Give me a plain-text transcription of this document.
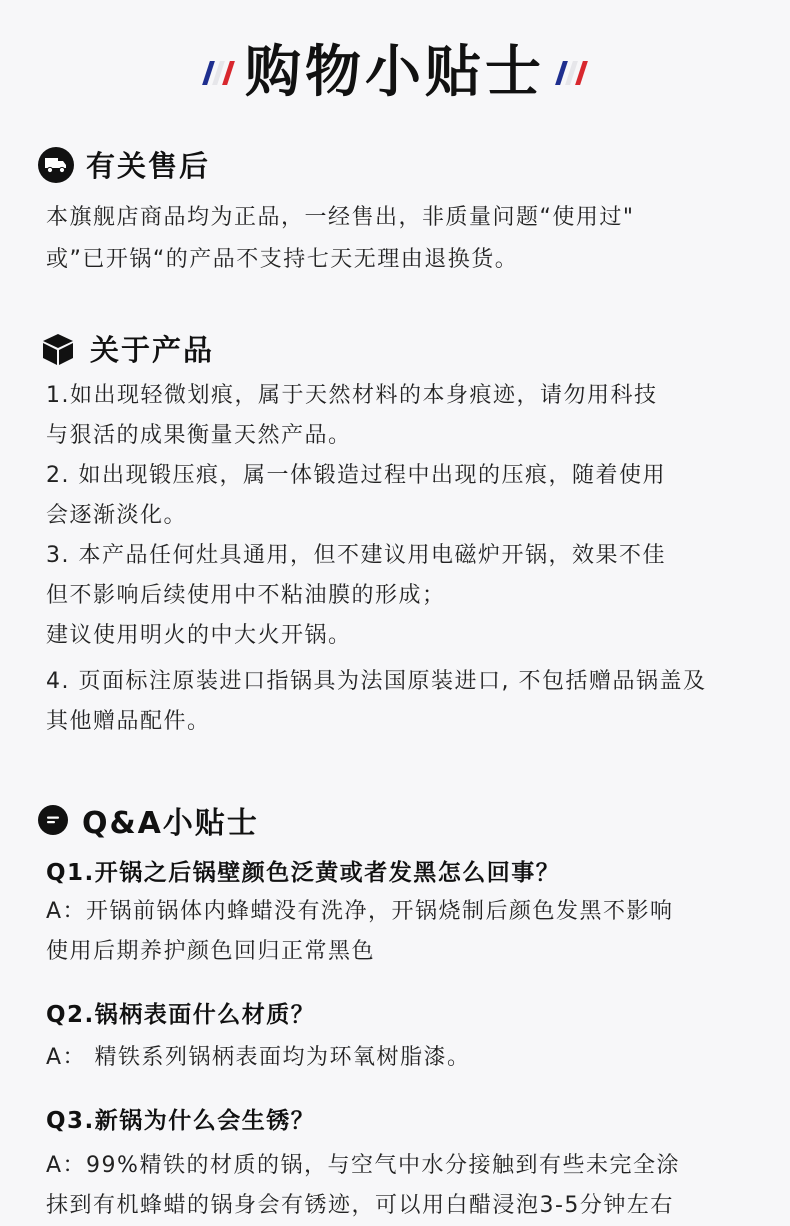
购物小贴士
有关售后

本旗舰店商品均为正品，一经售出，非质量问题“使用过"

或”已开锅“的产品不支持七天无理由退换货。

关于产品

1.如出现轻微划痕，属于天然材料的本身痕迹，请勿用科技

与狠活的成果衡量天然产品。

2. 如出现锻压痕，属一体锻造过程中出现的压痕，随着使用

会逐渐淡化。

3. 本产品任何灶具通用，但不建议用电磁炉开锅，效果不佳

但不影响后续使用中不粘油膜的形成；

建议使用明火的中大火开锅。

4. 页面标注原装进口指锅具为法国原装进口, 不包括赠品锅盖及

其他赠品配件。

Q&A小贴士
Q1.开锅之后锅壁颜色泛黄或者发黑怎么回事？

A：开锅前锅体内蜂蜡没有洗净，开锅烧制后颜色发黑不影响

使用后期养护颜色回归正常黑色

Q2.锅柄表面什么材质？

A： 精铁系列锅柄表面均为环氧树脂漆。

Q3.新锅为什么会生锈？

A：99%精铁的材质的锅，与空气中水分接触到有些未完全涂

抹到有机蜂蜡的锅身会有锈迹，可以用白醋浸泡3-5分钟左右
